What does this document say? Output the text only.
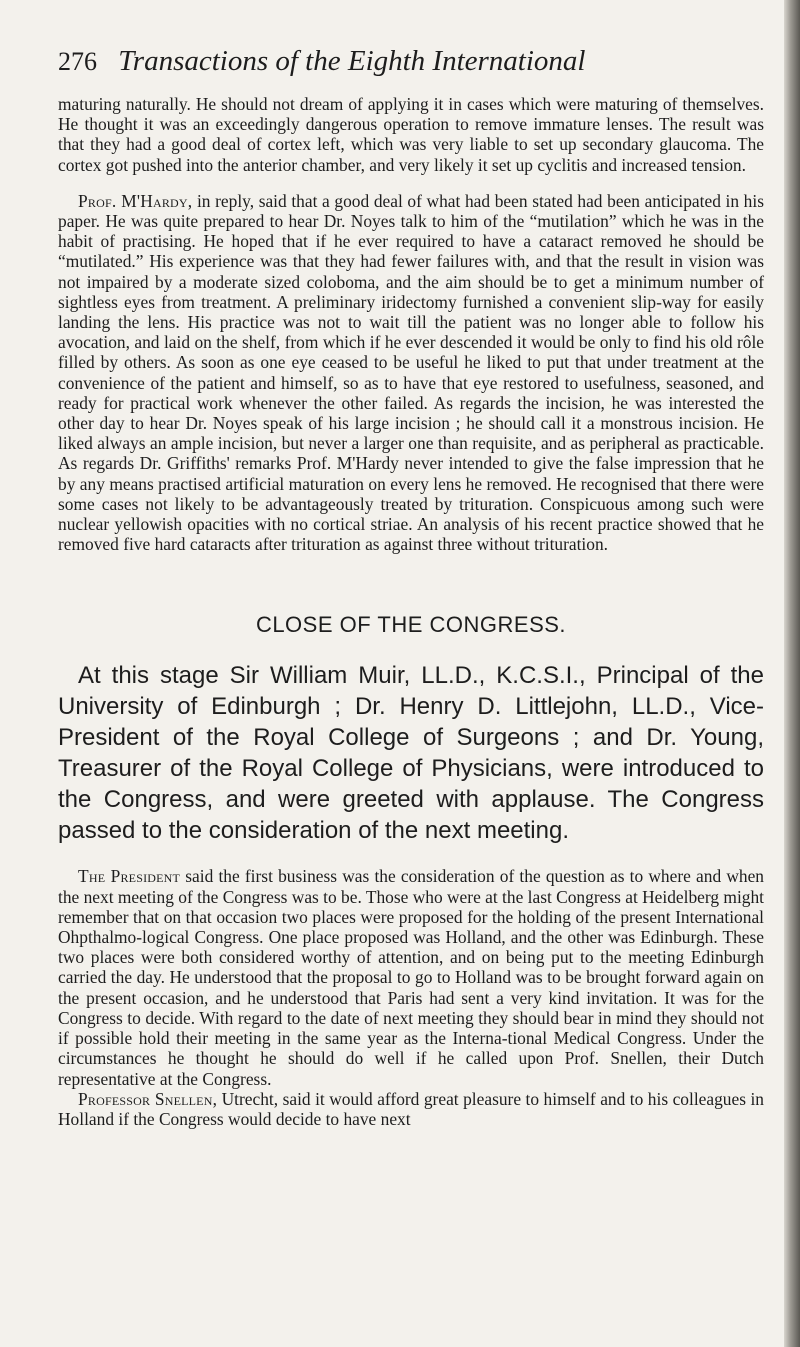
276 Transactions of the Eighth International

maturing naturally. He should not dream of applying it in cases which were maturing of themselves. He thought it was an exceedingly dangerous operation to remove immature lenses. The result was that they had a good deal of cortex left, which was very liable to set up secondary glaucoma. The cortex got pushed into the anterior chamber, and very likely it set up cyclitis and increased tension.

Prof. M'Hardy, in reply, said that a good deal of what had been stated had been anticipated in his paper. He was quite prepared to hear Dr. Noyes talk to him of the “mutilation” which he was in the habit of practising. He hoped that if he ever required to have a cataract removed he should be “mutilated.” His experience was that they had fewer failures with, and that the result in vision was not impaired by a moderate sized coloboma, and the aim should be to get a minimum number of sightless eyes from treatment. A preliminary iridectomy furnished a convenient slip-way for easily landing the lens. His practice was not to wait till the patient was no longer able to follow his avocation, and laid on the shelf, from which if he ever descended it would be only to find his old rôle filled by others. As soon as one eye ceased to be useful he liked to put that under treatment at the convenience of the patient and himself, so as to have that eye restored to usefulness, seasoned, and ready for practical work whenever the other failed. As regards the incision, he was interested the other day to hear Dr. Noyes speak of his large incision ; he should call it a monstrous incision. He liked always an ample incision, but never a larger one than requisite, and as peripheral as practicable. As regards Dr. Griffiths' remarks Prof. M'Hardy never intended to give the false impression that he by any means practised artificial maturation on every lens he removed. He recognised that there were some cases not likely to be advantageously treated by trituration. Conspicuous among such were nuclear yellowish opacities with no cortical striae. An analysis of his recent practice showed that he removed five hard cataracts after trituration as against three without trituration.

CLOSE OF THE CONGRESS.

At this stage Sir William Muir, LL.D., K.C.S.I., Principal of the University of Edinburgh ; Dr. Henry D. Littlejohn, LL.D., Vice-President of the Royal College of Surgeons ; and Dr. Young, Treasurer of the Royal College of Physicians, were introduced to the Congress, and were greeted with applause. The Congress passed to the consideration of the next meeting.

The President said the first business was the consideration of the question as to where and when the next meeting of the Congress was to be. Those who were at the last Congress at Heidelberg might remember that on that occasion two places were proposed for the holding of the present International Ohpthalmo-logical Congress. One place proposed was Holland, and the other was Edinburgh. These two places were both considered worthy of attention, and on being put to the meeting Edinburgh carried the day. He understood that the proposal to go to Holland was to be brought forward again on the present occasion, and he understood that Paris had sent a very kind invitation. It was for the Congress to decide. With regard to the date of next meeting they should bear in mind they should not if possible hold their meeting in the same year as the Interna-tional Medical Congress. Under the circumstances he thought he should do well if he called upon Prof. Snellen, their Dutch representative at the Congress.

Professor Snellen, Utrecht, said it would afford great pleasure to himself and to his colleagues in Holland if the Congress would decide to have next
